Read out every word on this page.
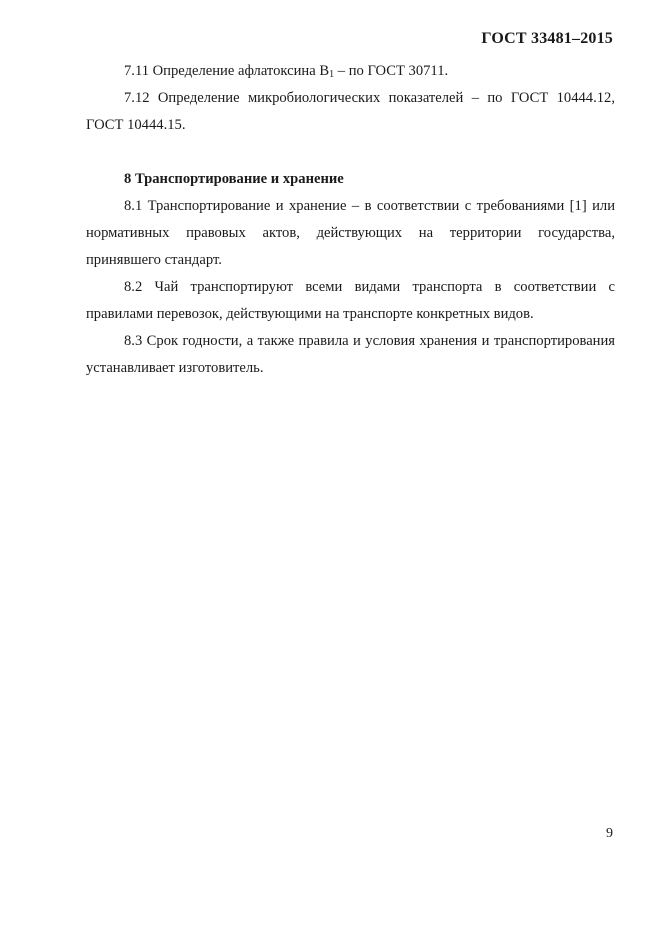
ГОСТ 33481–2015

7.11 Определение афлатоксина $B_1$ – по ГОСТ 30711.

7.12 Определение микробиологических показателей – по ГОСТ 10444.12, ГОСТ 10444.15.

8 Транспортирование и хранение

8.1 Транспортирование и хранение – в соответствии с требованиями [1] или нормативных правовых актов, действующих на территории государства, принявшего стандарт.

8.2 Чай транспортируют всеми видами транспорта в соответствии с правилами перевозок, действующими на транспорте конкретных видов.

8.3 Срок годности, а также правила и условия хранения и транспортирования устанавливает изготовитель.

9
